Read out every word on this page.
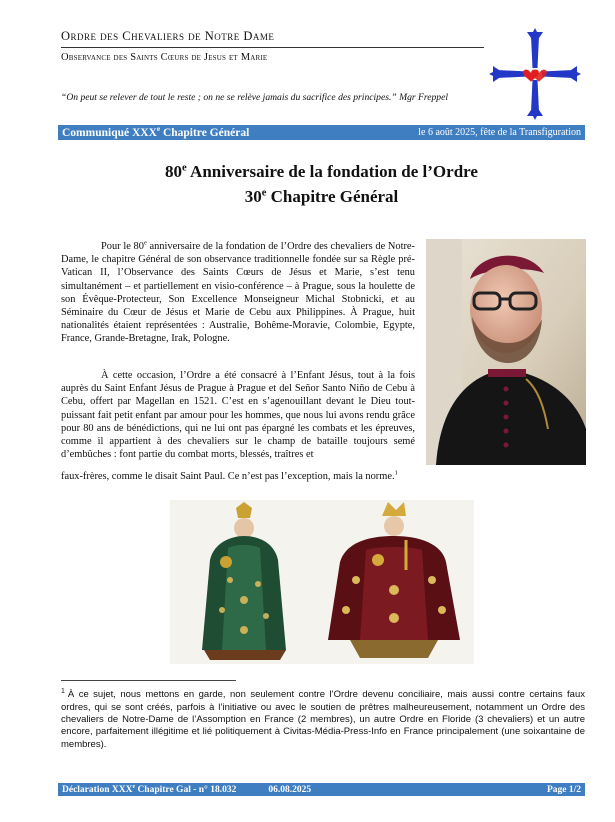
Ordre des Chevaliers de Notre Dame
Observance des Saints Cœurs de Jesus et Marie
“On peut se relever de tout le reste ; on ne se relève jamais du sacrifice des principes.” Mgr Freppel
Communiqué XXXe Chapitre Général	le 6 août 2025, fête de la Transfiguration
80e Anniversaire de la fondation de l’Ordre
30e Chapitre Général
Pour le 80e anniversaire de la fondation de l’Ordre des chevaliers de Notre-Dame, le chapitre Général de son observance traditionnelle fondée sur sa Règle pré-Vatican II, l’Observance des Saints Cœurs de Jésus et Marie, s’est tenu simultanément – et partiellement en visio-conférence – à Prague, sous la houlette de son Évêque-Protecteur, Son Excellence Monseigneur Michal Stobnicki, et au Séminaire du Cœur de Jésus et Marie de Cebu aux Philippines. À Prague, huit nationalités étaient représentées : Australie, Bohême-Moravie, Colombie, Egypte, France, Grande-Bretagne, Irak, Pologne.
À cette occasion, l’Ordre a été consacré à l’Enfant Jésus, tout à la fois auprès du Saint Enfant Jésus de Prague à Prague et del Señor Santo Niño de Cebu à Cebu, offert par Magellan en 1521. C’est en s’agenouillant devant le Dieu tout-puissant fait petit enfant par amour pour les hommes, que nous lui avons rendu grâce pour 80 ans de bénédictions, qui ne lui ont pas épargné les combats et les épreuves, comme il appartient à des chevaliers sur le champ de bataille toujours semé d’embûches : font partie du combat morts, blessés, traîtres et
faux-frères, comme le disait Saint Paul. Ce n’est pas l’exception, mais la norme.$^1$
$^1$ À ce sujet, nous mettons en garde, non seulement contre l’Ordre devenu conciliaire, mais aussi contre certains faux ordres, qui se sont créés, parfois à l’initiative ou avec le soutien de prêtres malheureusement, notamment un Ordre des chevaliers de Notre-Dame de l’Assomption en France (2 membres), un autre Ordre en Floride (3 chevaliers) et un autre encore, parfaitement illégitime et lié politiquement à Civitas-Média-Press-Info en France principalement (une soixantaine de membres).
Déclaration XXXe Chapitre Gal - n° 18.032	06.08.2025	Page 1/2
